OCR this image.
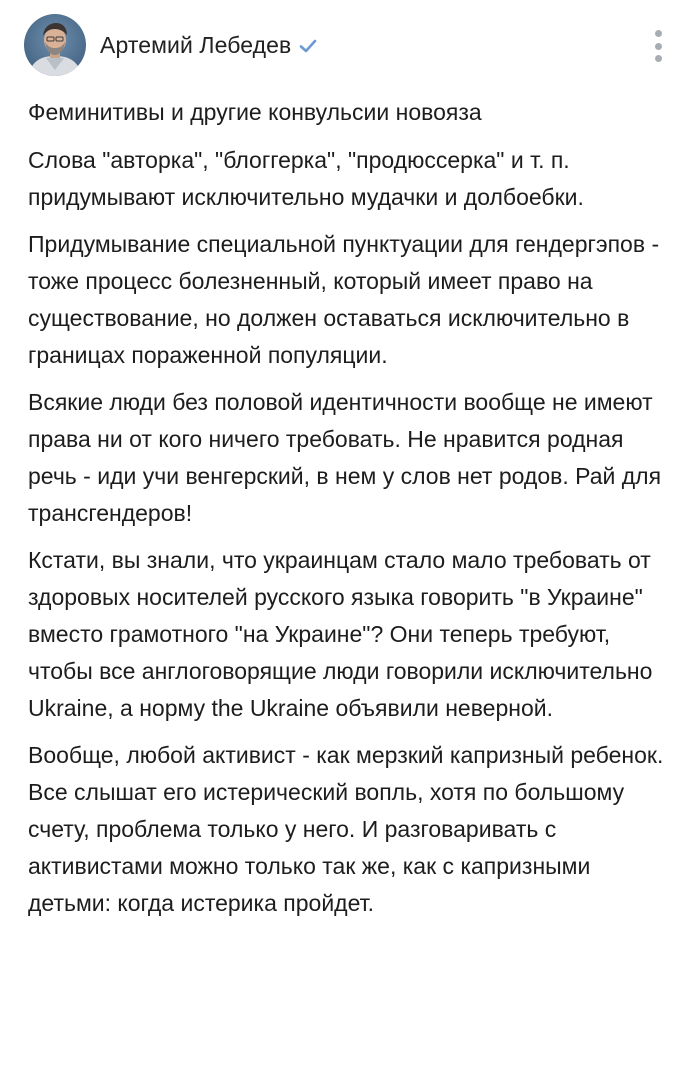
Артемий Лебедев
Феминитивы и другие конвульсии новояза

Слова "авторка", "блоггерка", "продюссерка" и т. п. придумывают исключительно мудачки и долбоебки.

Придумывание специальной пунктуации для гендергэпов - тоже процесс болезненный, который имеет право на существование, но должен оставаться исключительно в границах пораженной популяции.

Всякие люди без половой идентичности вообще не имеют права ни от кого ничего требовать. Не нравится родная речь - иди учи венгерский, в нем у слов нет родов. Рай для трансгендеров!

Кстати, вы знали, что украинцам стало мало требовать от здоровых носителей русского языка говорить "в Украине" вместо грамотного "на Украине"? Они теперь требуют, чтобы все англоговорящие люди говорили исключительно Ukraine, а норму the Ukraine объявили неверной.

Вообще, любой активист - как мерзкий капризный ребенок. Все слышат его истерический вопль, хотя по большому счету, проблема только у него. И разговаривать с активистами можно только так же, как с капризными детьми: когда истерика пройдет.
